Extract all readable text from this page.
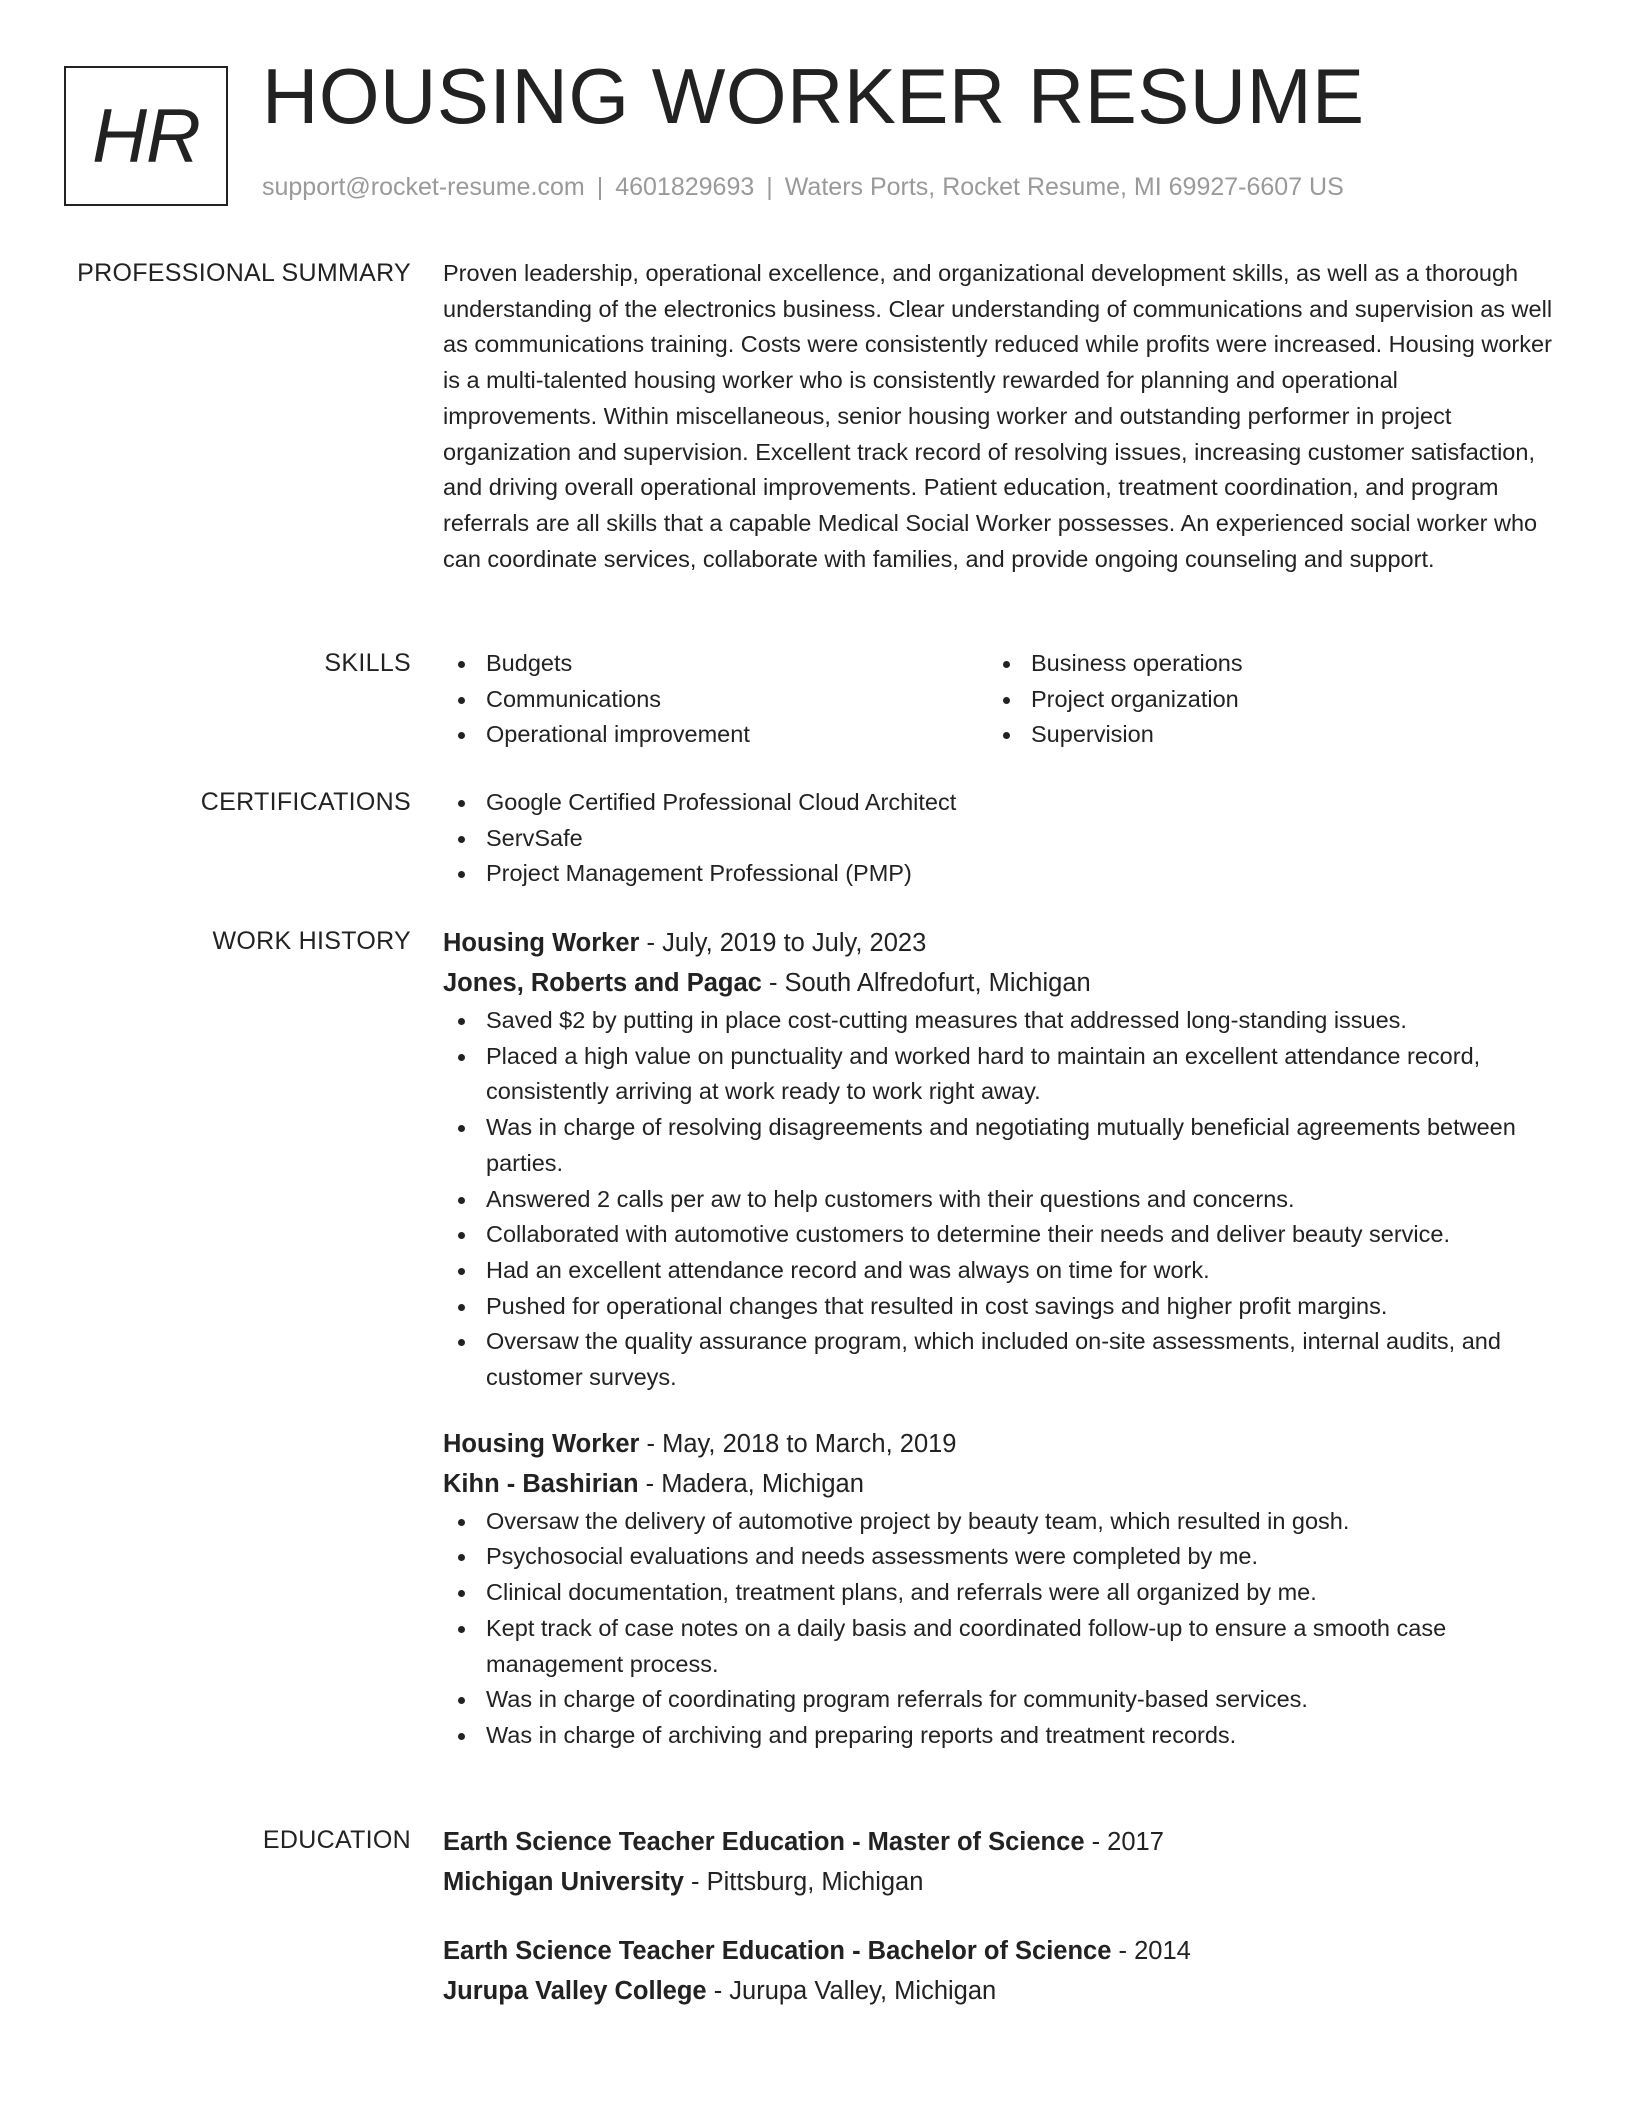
HR HOUSING WORKER RESUME
support@rocket-resume.com | 4601829693 | Waters Ports, Rocket Resume, MI 69927-6607 US
PROFESSIONAL SUMMARY Proven leadership, operational excellence, and organizational development skills, as well as a thorough understanding of the electronics business. Clear understanding of communications and supervision as well as communications training. Costs were consistently reduced while profits were increased. Housing worker is a multi-talented housing worker who is consistently rewarded for planning and operational improvements. Within miscellaneous, senior housing worker and outstanding performer in project organization and supervision. Excellent track record of resolving issues, increasing customer satisfaction, and driving overall operational improvements. Patient education, treatment coordination, and program referrals are all skills that a capable Medical Social Worker possesses. An experienced social worker who can coordinate services, collaborate with families, and provide ongoing counseling and support.

SKILLS	Budgets
Communications
Operational improvement
Business operations
Project organization
Supervision
CERTIFICATIONS	Google Certified Professional Cloud Architect
ServSafe
Project Management Professional (PMP)
WORK HISTORY Housing Worker - July, 2019 to July, 2023
Jones, Roberts and Pagac - South Alfredofurt, Michigan
Saved $2 by putting in place cost-cutting measures that addressed long-standing issues.
Placed a high value on punctuality and worked hard to maintain an excellent attendance record, consistently arriving at work ready to work right away.
Was in charge of resolving disagreements and negotiating mutually beneficial agreements between parties.
Answered 2 calls per aw to help customers with their questions and concerns.
Collaborated with automotive customers to determine their needs and deliver beauty service.
Had an excellent attendance record and was always on time for work.
Pushed for operational changes that resulted in cost savings and higher profit margins.
Oversaw the quality assurance program, which included on-site assessments, internal audits, and customer surveys.
Housing Worker - May, 2018 to March, 2019
Kihn - Bashirian - Madera, Michigan
Oversaw the delivery of automotive project by beauty team, which resulted in gosh.
Psychosocial evaluations and needs assessments were completed by me.
Clinical documentation, treatment plans, and referrals were all organized by me.
Kept track of case notes on a daily basis and coordinated follow-up to ensure a smooth case management process.
Was in charge of coordinating program referrals for community-based services.
Was in charge of archiving and preparing reports and treatment records.
EDUCATION Earth Science Teacher Education - Master of Science - 2017
Michigan University - Pittsburg, Michigan
Earth Science Teacher Education - Bachelor of Science - 2014
Jurupa Valley College - Jurupa Valley, Michigan
